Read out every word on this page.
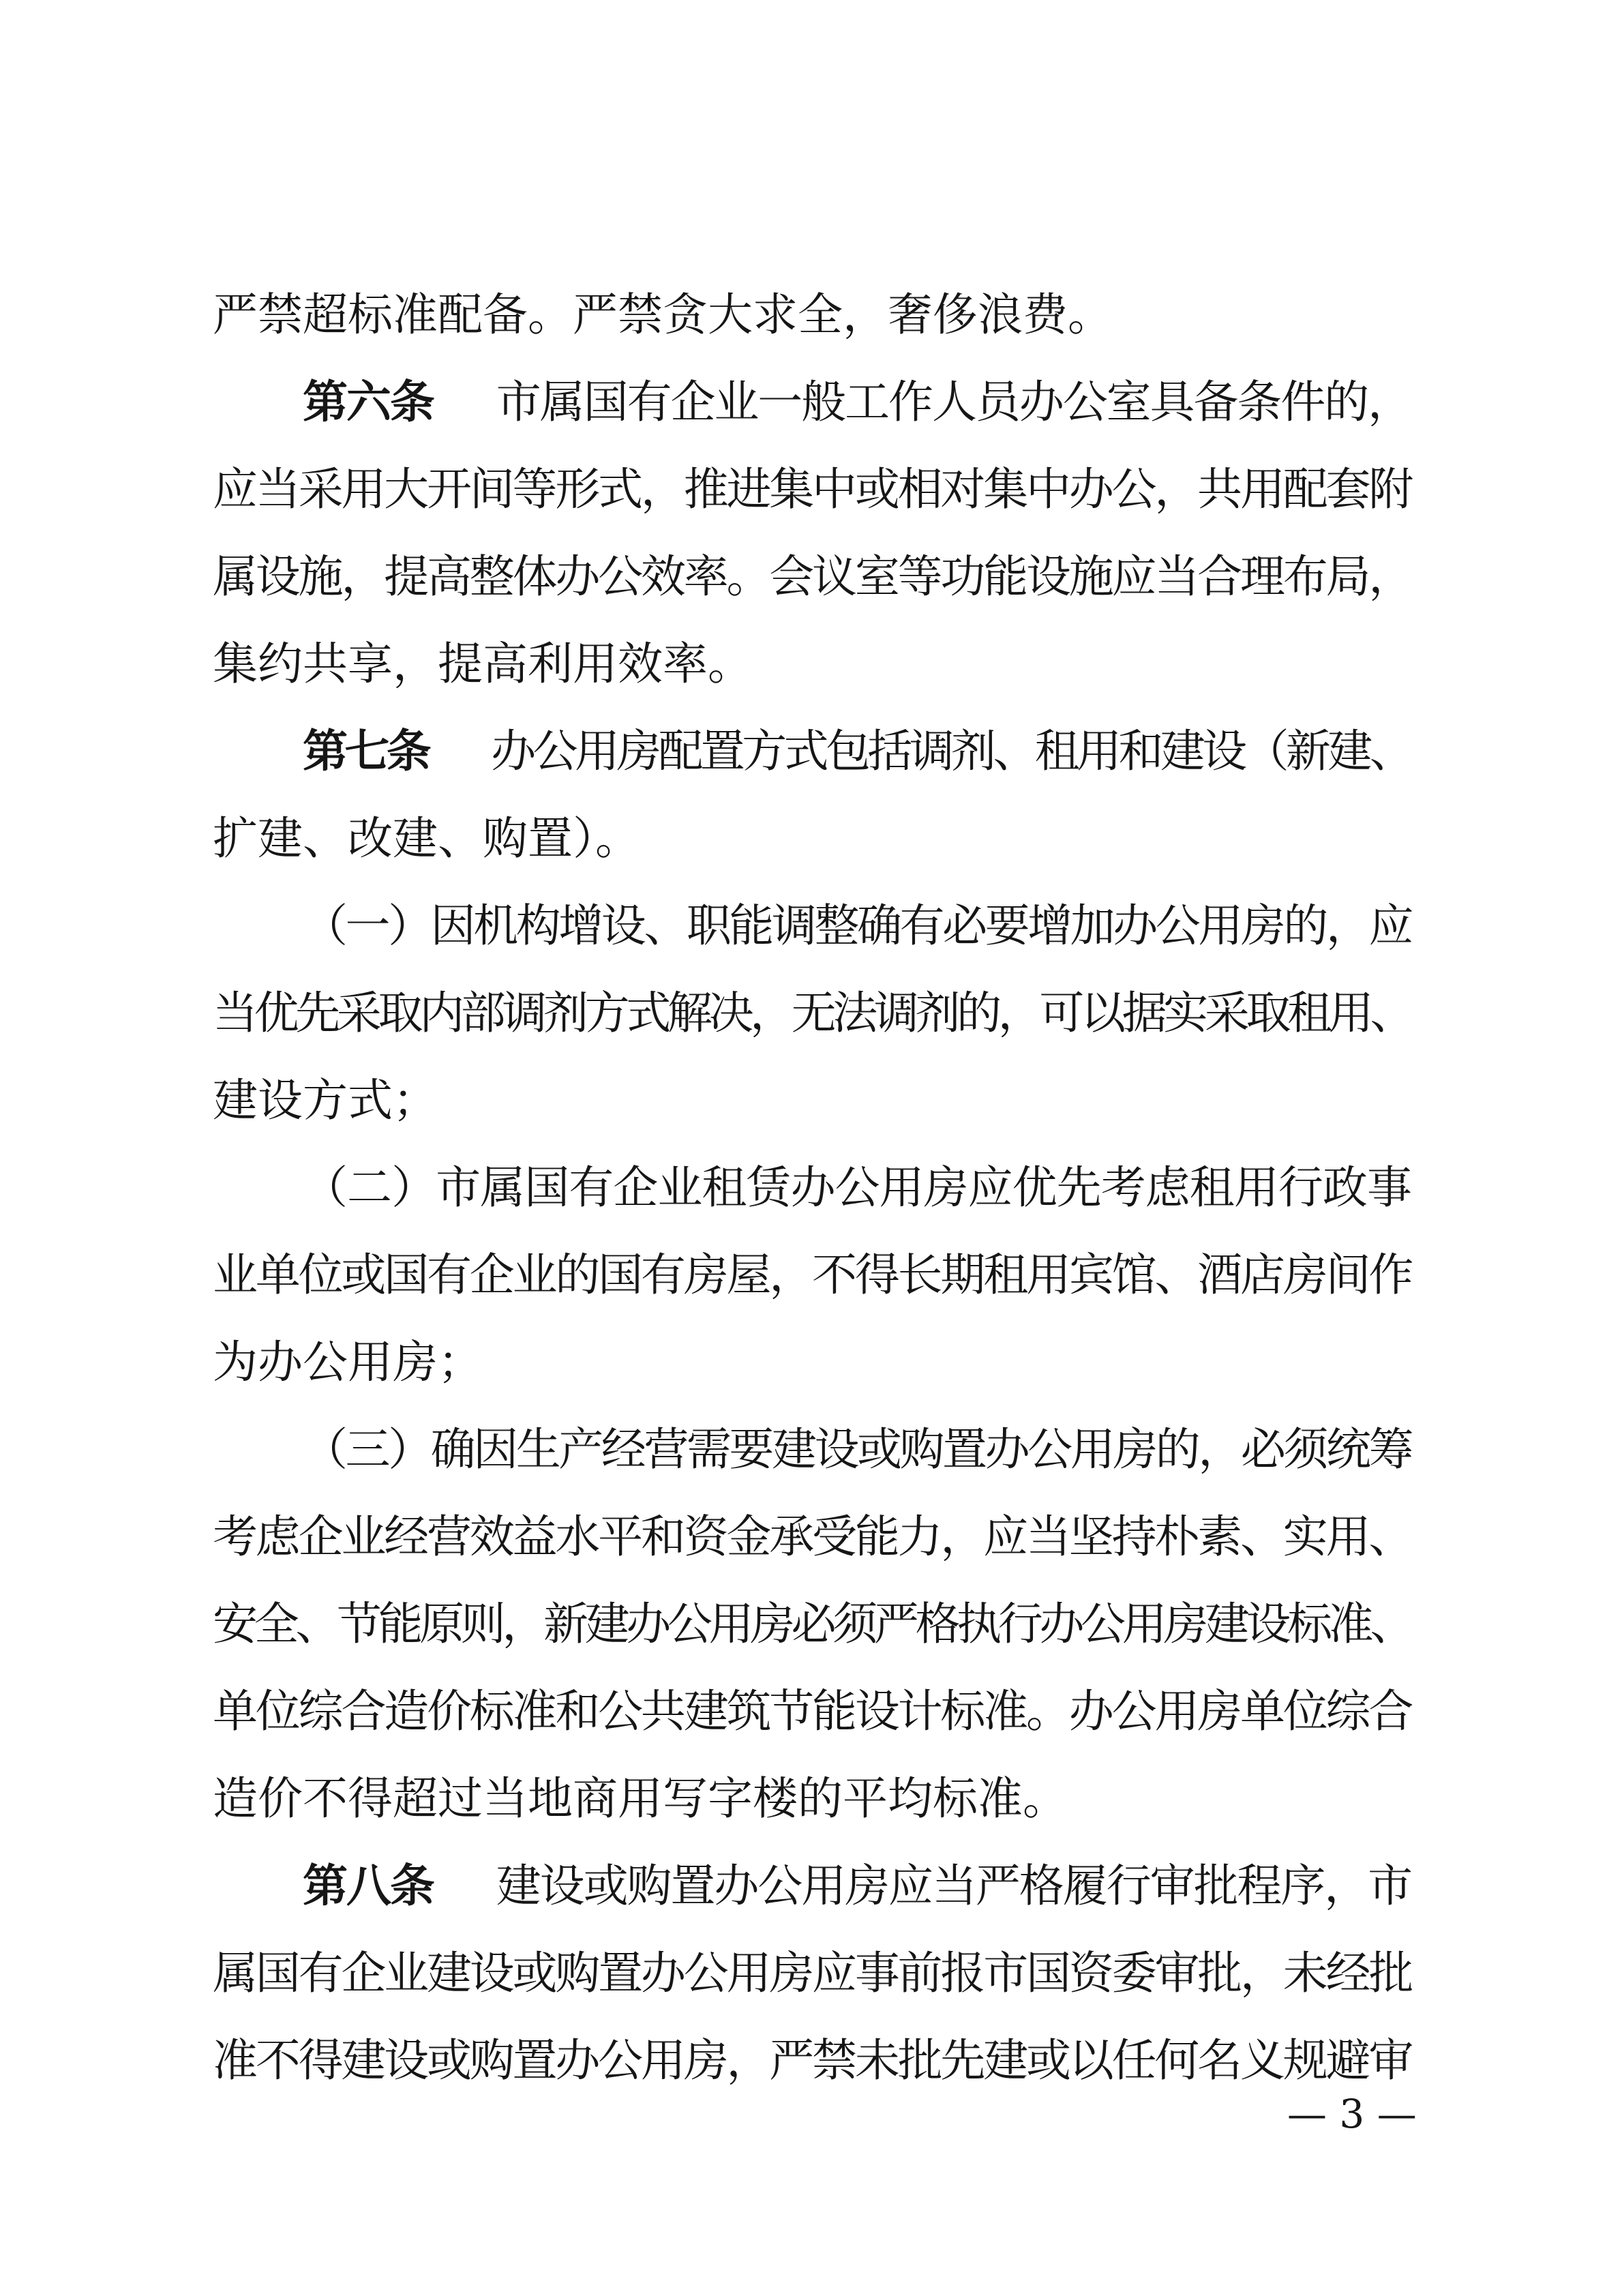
严禁超标准配备。严禁贪大求全，奢侈浪费。

第六条 市属国有企业一般工作人员办公室具备条件的，

应当采用大开间等形式，推进集中或相对集中办公，共用配套附

属设施，提高整体办公效率。会议室等功能设施应当合理布局，

集约共享，提高利用效率。

第七条 办公用房配置方式包括调剂、租用和建设（新建、

扩建、改建、购置）。

（一）因机构增设、职能调整确有必要增加办公用房的，应

当优先采取内部调剂方式解决，无法调剂的，可以据实采取租用、

建设方式；

（二）市属国有企业租赁办公用房应优先考虑租用行政事

业单位或国有企业的国有房屋，不得长期租用宾馆、酒店房间作

为办公用房；

（三）确因生产经营需要建设或购置办公用房的，必须统筹

考虑企业经营效益水平和资金承受能力，应当坚持朴素、实用、

安全、节能原则，新建办公用房必须严格执行办公用房建设标准、

单位综合造价标准和公共建筑节能设计标准。办公用房单位综合

造价不得超过当地商用写字楼的平均标准。

第八条 建设或购置办公用房应当严格履行审批程序，市

属国有企业建设或购置办公用房应事前报市国资委审批，未经批

准不得建设或购置办公用房，严禁未批先建或以任何名义规避审

— 3 —
